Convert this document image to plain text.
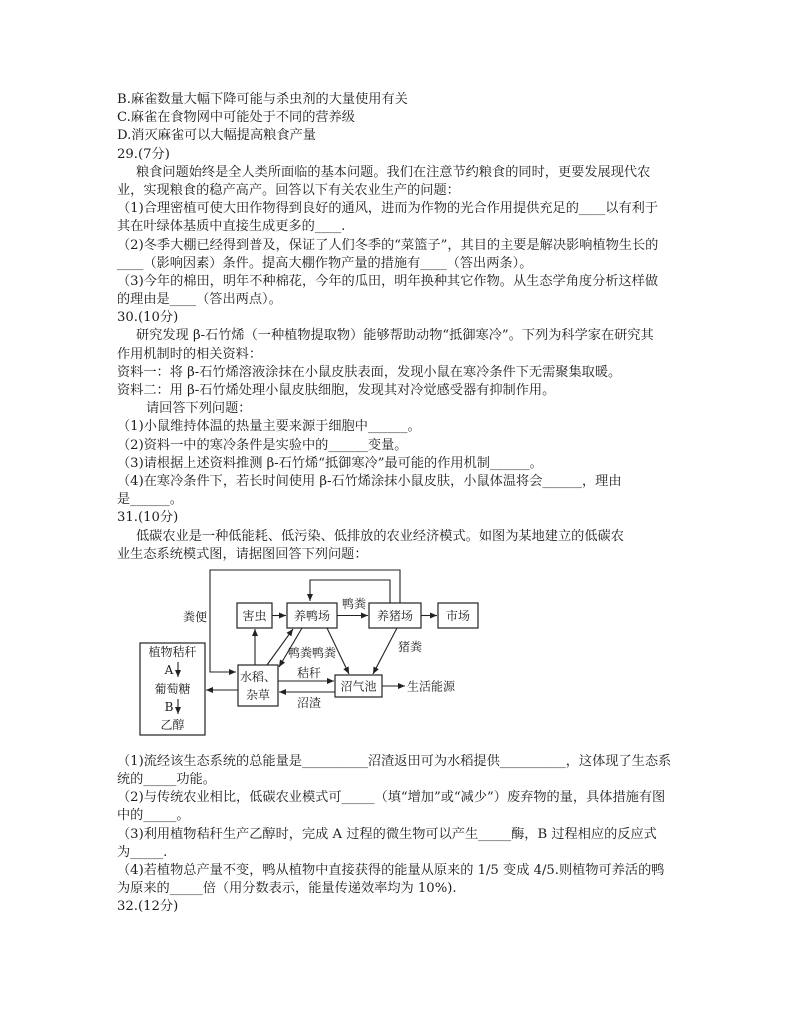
B.麻雀数量大幅下降可能与杀虫剂的大量使用有关
C.麻雀在食物网中可能处于不同的营养级
D.消灭麻雀可以大幅提高粮食产量
29.(7分)
粮食问题始终是全人类所面临的基本问题。我们在注意节约粮食的同时，更要发展现代农
业，实现粮食的稳产高产。回答以下有关农业生产的问题：
（1)合理密植可使大田作物得到良好的通风，进而为作物的光合作用提供充足的____以有利于
其在叶绿体基质中直接生成更多的____.
（2)冬季大棚已经得到普及，保证了人们冬季的“菜篮子”，其目的主要是解决影响植物生长的
____（影响因素）条件。提高大棚作物产量的措施有____（答出两条）。
（3)今年的棉田，明年不种棉花，今年的瓜田，明年换种其它作物。从生态学角度分析这样做
的理由是____（答出两点）。
30.(10分)
研究发现 β-石竹烯（一种植物提取物）能够帮助动物“抵御寒冷”。下列为科学家在研究其
作用机制时的相关资料：
资料一：将 β-石竹烯溶液涂抹在小鼠皮肤表面，发现小鼠在寒冷条件下无需聚集取暖。
资料二：用 β-石竹烯处理小鼠皮肤细胞，发现其对冷觉感受器有抑制作用。
请回答下列问题：
（1)小鼠维持体温的热量主要来源于细胞中______。
（2)资料一中的寒冷条件是实验中的______变量。
（3)请根据上述资料推测 β-石竹烯“抵御寒冷”最可能的作用机制______。
（4)在寒冷条件下，若长时间使用 β-石竹烯涂抹小鼠皮肤，小鼠体温将会______，理由
是______。
31.(10分)
低碳农业是一种低能耗、低污染、低排放的农业经济模式。如图为某地建立的低碳农
业生态系统模式图，请据图回答下列问题：
害虫 养鸭场	养猪场	市场
水稻、
杂草
沼气池	生活能源
植物秸秆
A
葡萄糖
B
乙醇
粪便
鸭粪
鸭粪 鸭粪	猪粪
秸秆
沼渣
（1)流经该生态系统的总能量是__________沼渣返田可为水稻提供__________，这体现了生态系
统的_____功能。
（2)与传统农业相比，低碳农业模式可_____（填“增加”或“减少”）废弃物的量，具体措施有图
中的_____。
（3)利用植物秸秆生产乙醇时，完成 A 过程的微生物可以产生_____酶，B 过程相应的反应式
为_____.
（4)若植物总产量不变，鸭从植物中直接获得的能量从原来的 1/5 变成 4/5.则植物可养活的鸭
为原来的_____倍（用分数表示，能量传递效率均为 10%).
32.(12分)
